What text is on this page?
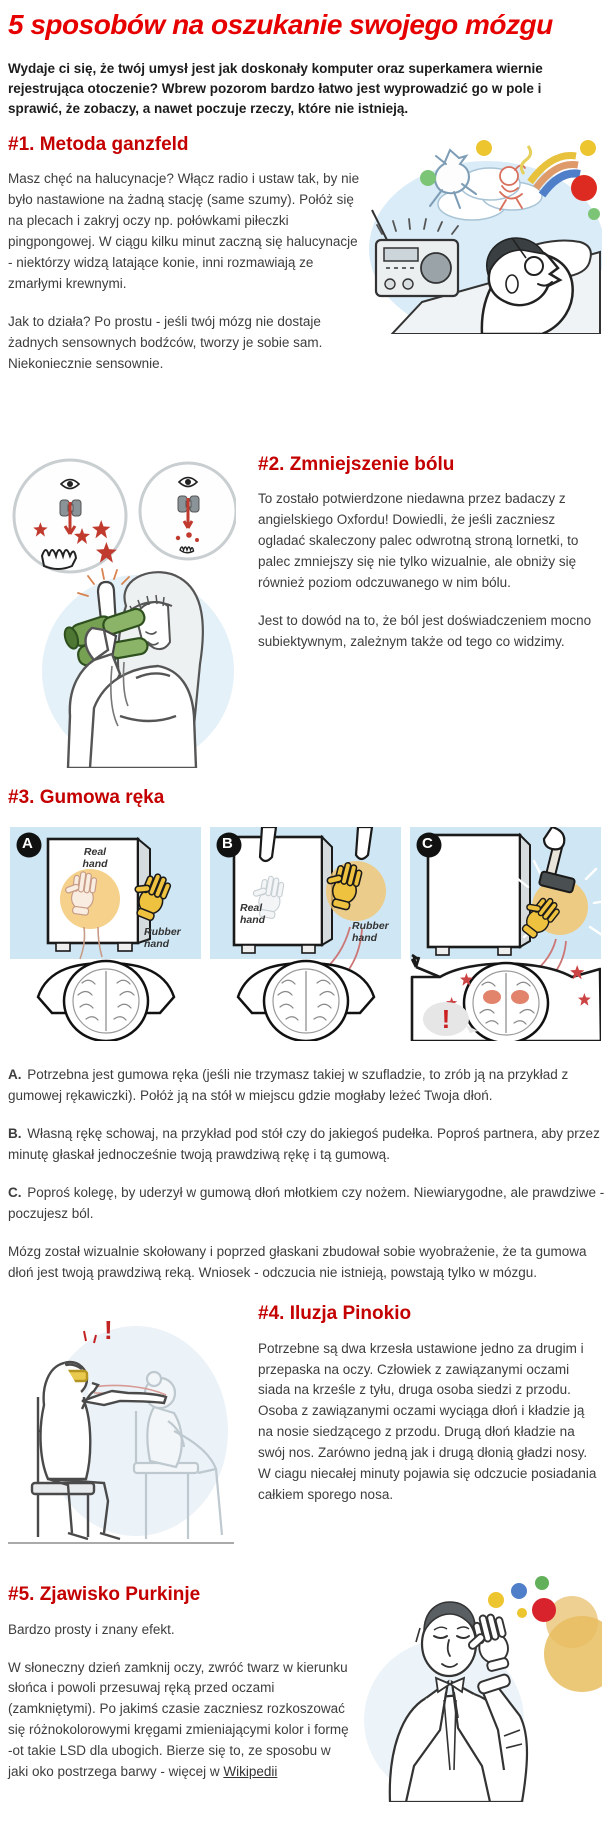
5 sposobów na oszukanie swojego mózgu

Wydaje ci się, że twój umysł jest jak doskonały komputer oraz superkamera wiernie rejestrująca otoczenie? Wbrew pozorom bardzo łatwo jest wyprowadzić go w pole i sprawić, że zobaczy, a nawet poczuje rzeczy, które nie istnieją.

#1. Metoda ganzfeld

Masz chęć na halucynacje? Włącz radio i ustaw tak, by nie było nastawione na żadną stację (same szumy). Połóż się na plecach i zakryj oczy np. połówkami piłeczki pingpongowej. W ciągu kilku minut zaczną się halucynacje - niektórzy widzą latające konie, inni rozmawiają ze zmarłymi krewnymi.

Jak to działa? Po prostu - jeśli twój mózg nie dostaje żadnych sensownych bodźców, tworzy je sobie sam. Niekoniecznie sensownie.

#2. Zmniejszenie bólu

To zostało potwierdzone niedawna przez badaczy z angielskiego Oxfordu! Dowiedli, że jeśli zaczniesz ogladać skaleczony palec odwrotną stroną lornetki, to palec zmniejszy się nie tylko wizualnie, ale obniży się również poziom odczuwanego w nim bólu.

Jest to dowód na to, że ból jest doświadczeniem mocno subiektywnym, zależnym także od tego co widzimy.

#3. Gumowa ręka
A	Real hand
Rubber hand
B
Real hand
Rubber hand
!
C

A. Potrzebna jest gumowa ręka (jeśli nie trzymasz takiej w szufladzie, to zrób ją na przykład z gumowej rękawiczki). Połóż ją na stół w miejscu gdzie mogłaby leżeć Twoja dłoń.

B. Własną rękę schowaj, na przykład pod stół czy do jakiegoś pudełka. Poproś partnera, aby przez minutę głaskał jednocześnie twoją prawdziwą rękę i tą gumową.

C. Poproś kolegę, by uderzył w gumową dłoń młotkiem czy nożem. Niewiarygodne, ale prawdziwe - poczujesz ból.

Mózg został wizualnie skołowany i poprzed głaskani zbudował sobie wyobrażenie, że ta gumowa dłoń jest twoją prawdziwą reką. Wniosek - odczucia nie istnieją, powstają tylko w mózgu.

!
#4. Iluzja Pinokio

Potrzebne są dwa krzesła ustawione jedno za drugim i przepaska na oczy. Człowiek z zawiązanymi oczami siada na krześle z tyłu, druga osoba siedzi z przodu. Osoba z zawiązanymi oczami wyciąga dłoń i kładzie ją na nosie siedzącego z przodu. Drugą dłoń kładzie na swój nos. Zarówno jedną jak i drugą dłonią gładzi nosy. W ciagu niecałej minuty pojawia się odczucie posiadania całkiem sporego nosa.

#5. Zjawisko Purkinje

Bardzo prosty i znany efekt.

W słoneczny dzień zamknij oczy, zwróć twarz w kierunku słońca i powoli przesuwaj ręką przed oczami (zamkniętymi). Po jakimś czasie zaczniesz rozkoszować się różnokolorowymi kręgami zmieniającymi kolor i formę -ot takie LSD dla ubogich. Bierze się to, ze sposobu w jaki oko postrzega barwy - więcej w Wikipedii
